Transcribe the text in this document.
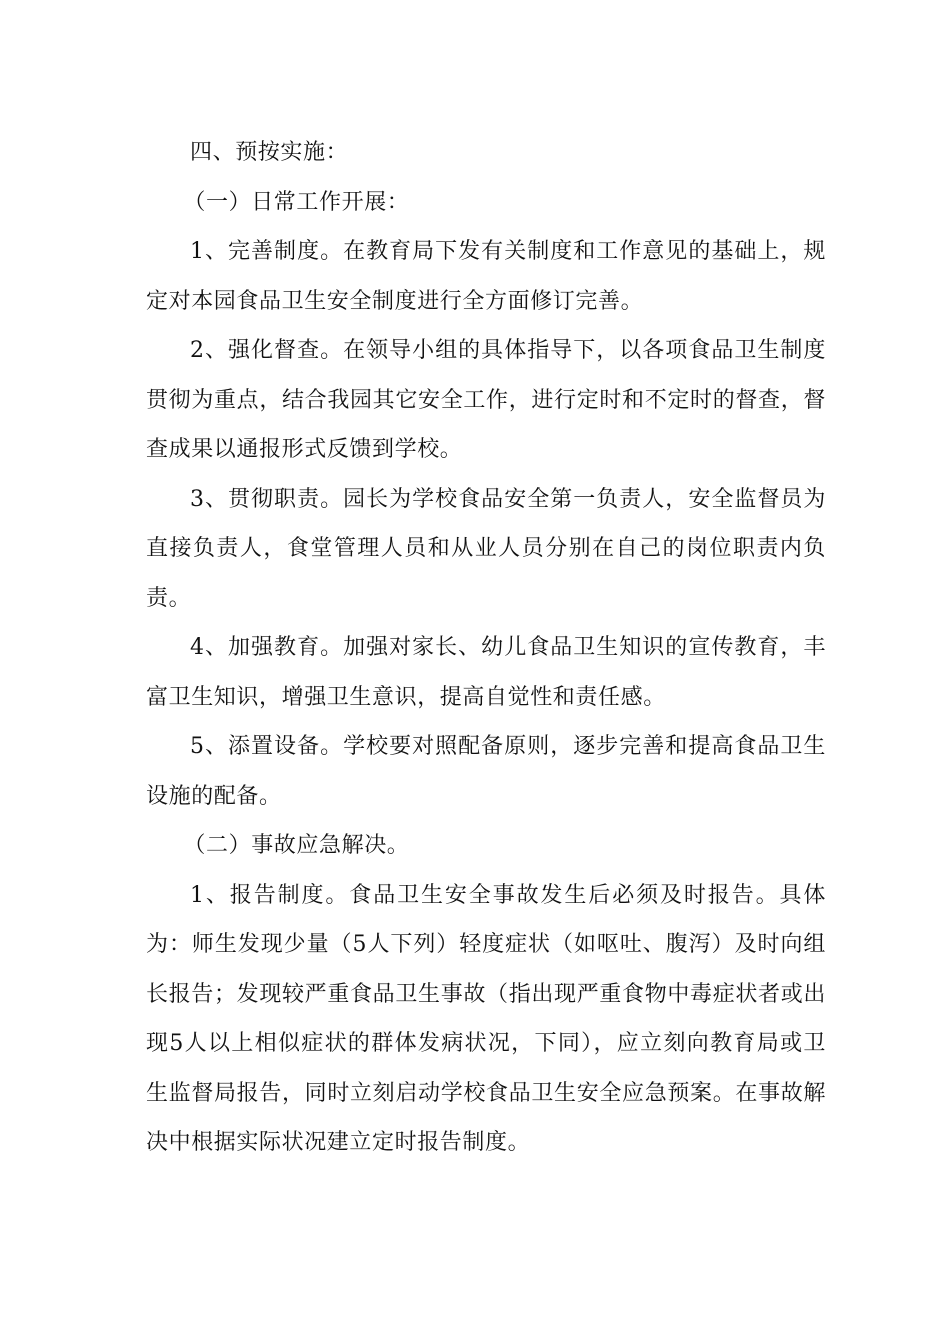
四、预按实施：

（一）日常工作开展：

1、完善制度。在教育局下发有关制度和工作意见的基础上，规定对本园食品卫生安全制度进行全方面修订完善。

2、强化督查。在领导小组的具体指导下，以各项食品卫生制度贯彻为重点，结合我园其它安全工作，进行定时和不定时的督查，督查成果以通报形式反馈到学校。

3、贯彻职责。园长为学校食品安全第一负责人，安全监督员为直接负责人，食堂管理人员和从业人员分别在自己的岗位职责内负责。

4、加强教育。加强对家长、幼儿食品卫生知识的宣传教育，丰富卫生知识，增强卫生意识，提高自觉性和责任感。

5、添置设备。学校要对照配备原则，逐步完善和提高食品卫生设施的配备。

（二）事故应急解决。

1、报告制度。食品卫生安全事故发生后必须及时报告。具体为：师生发现少量（5人下列）轻度症状（如呕吐、腹泻）及时向组长报告；发现较严重食品卫生事故（指出现严重食物中毒症状者或出现5人以上相似症状的群体发病状况，下同），应立刻向教育局或卫生监督局报告，同时立刻启动学校食品卫生安全应急预案。在事故解决中根据实际状况建立定时报告制度。
